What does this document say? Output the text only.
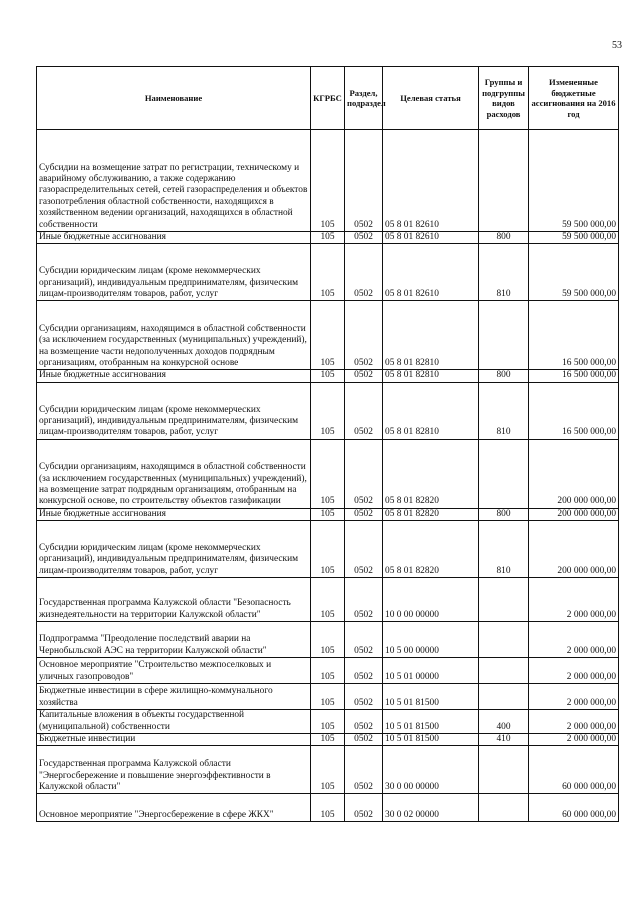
53
Наименование	КГРБС	Раздел, подраздел	Целевая статья	Группы и подгруппы видов расходов	Измененные бюджетные ассигнования на 2016 год
Субсидии на возмещение затрат по регистрации, техническому и аварийному обслуживанию, а также содержанию газораспределительных сетей, сетей газораспределения и объектов газопотребления областной собственности, находящихся в хозяйственном ведении организаций, находящихся в областной собственности	105	0502	05 8 01 82610		59 500 000,00
Иные бюджетные ассигнования	105	0502	05 8 01 82610	800	59 500 000,00
Субсидии юридическим лицам (кроме некоммерческих организаций), индивидуальным предпринимателям, физическим лицам-производителям товаров, работ, услуг	105	0502	05 8 01 82610	810	59 500 000,00
Субсидии организациям, находящимся в областной собственности (за исключением государственных (муниципальных) учреждений), на возмещение части недополученных доходов подрядным организациям, отобранным на конкурсной основе	105	0502	05 8 01 82810		16 500 000,00
Иные бюджетные ассигнования	105	0502	05 8 01 82810	800	16 500 000,00
Субсидии юридическим лицам (кроме некоммерческих организаций), индивидуальным предпринимателям, физическим лицам-производителям товаров, работ, услуг	105	0502	05 8 01 82810	810	16 500 000,00
Субсидии организациям, находящимся в областной собственности (за исключением государственных (муниципальных) учреждений), на возмещение затрат подрядным организациям, отобранным на конкурсной основе, по строительству объектов газификации	105	0502	05 8 01 82820		200 000 000,00
Иные бюджетные ассигнования	105	0502	05 8 01 82820	800	200 000 000,00
Субсидии юридическим лицам (кроме некоммерческих организаций), индивидуальным предпринимателям, физическим лицам-производителям товаров, работ, услуг	105	0502	05 8 01 82820	810	200 000 000,00
Государственная программа Калужской области "Безопасность жизнедеятельности на территории Калужской области"	105	0502	10 0 00 00000		2 000 000,00
Подпрограмма "Преодоление последствий аварии на Чернобыльской АЭС на территории Калужской области"	105	0502	10 5 00 00000		2 000 000,00
Основное мероприятие "Строительство межпоселковых и уличных газопроводов"	105	0502	10 5 01 00000		2 000 000,00
Бюджетные инвестиции в сфере жилищно-коммунального хозяйства	105	0502	10 5 01 81500		2 000 000,00
Капитальные вложения в объекты государственной (муниципальной) собственности	105	0502	10 5 01 81500	400	2 000 000,00
Бюджетные инвестиции	105	0502	10 5 01 81500	410	2 000 000,00
Государственная программа Калужской области "Энергосбережение и повышение энергоэффективности в Калужской области"	105	0502	30 0 00 00000		60 000 000,00
Основное мероприятие "Энергосбережение в сфере ЖКХ"	105	0502	30 0 02 00000		60 000 000,00
